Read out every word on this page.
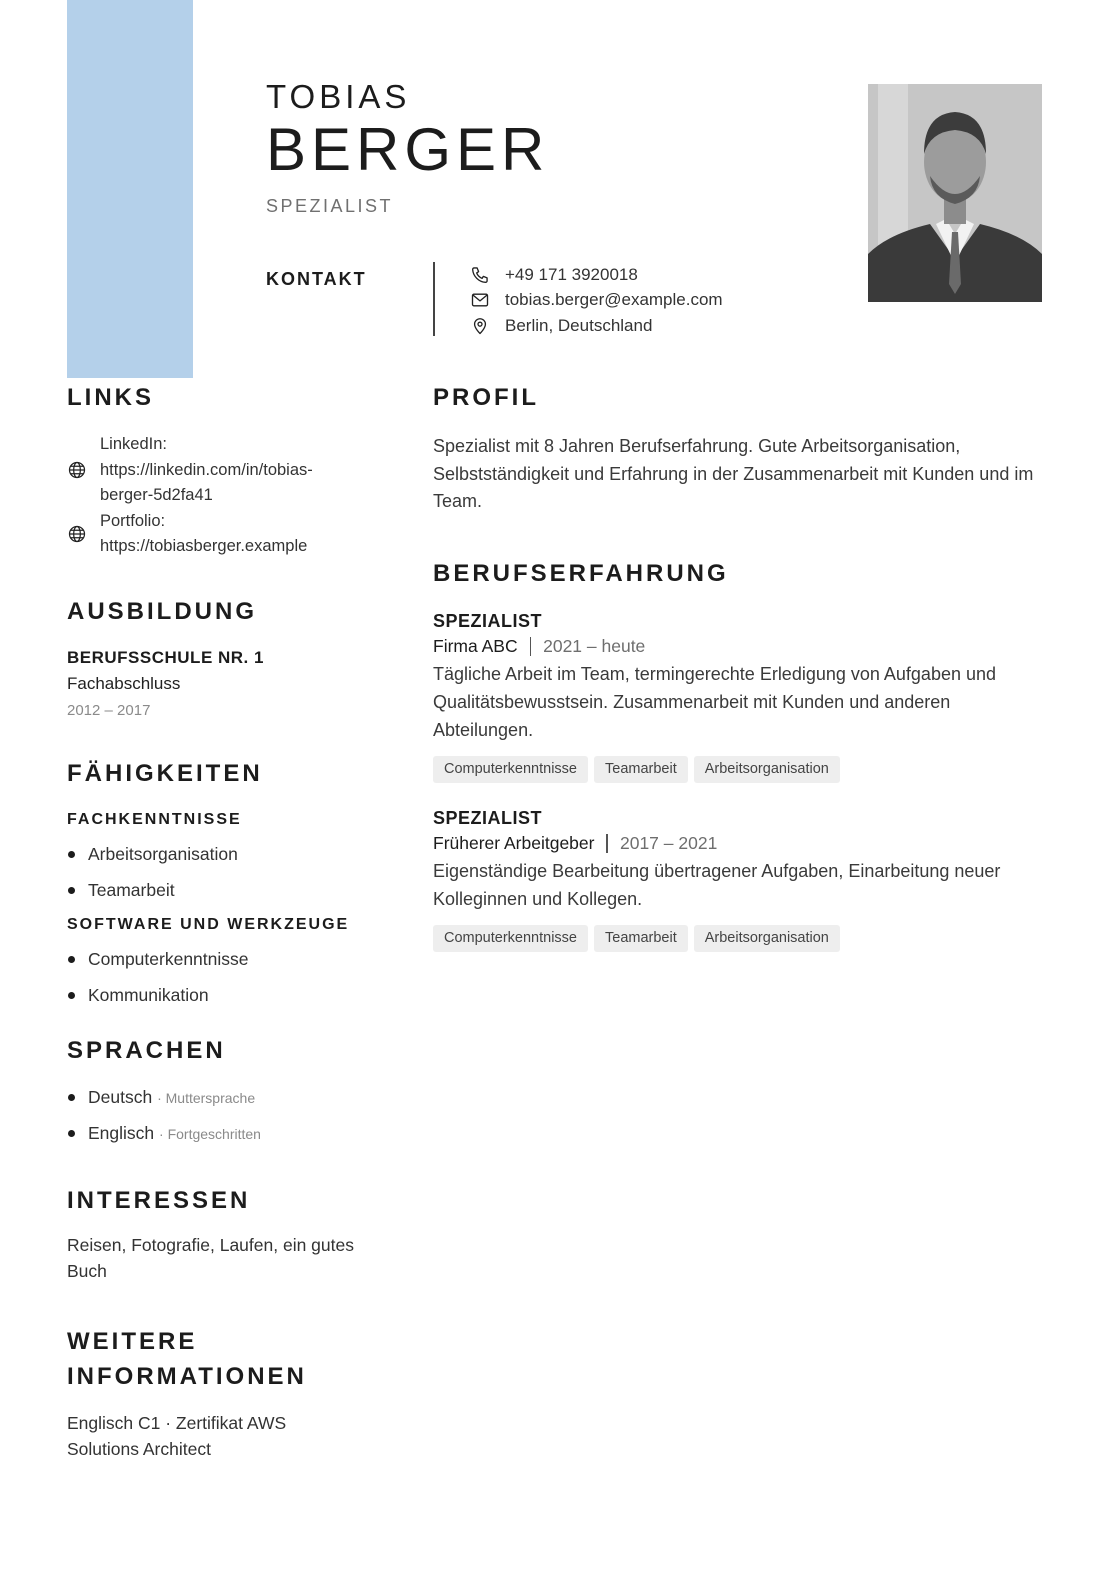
TOBIAS
BERGER
SPEZIALIST
KONTAKT	+49 171 3920018
tobias.berger@example.com
Berlin, Deutschland
LINKS
LinkedIn:
https://linkedin.com/in/tobias-
berger-5d2fa41
Portfolio:
https://tobiasberger.example
AUSBILDUNG
BERUFSSCHULE NR. 1
Fachabschluss
2012 – 2017
FÄHIGKEITEN
FACHKENNTNISSE
Arbeitsorganisation
Teamarbeit
SOFTWARE UND WERKZEUGE
Computerkenntnisse
Kommunikation
SPRACHEN
Deutsch · Muttersprache
Englisch · Fortgeschritten
INTERESSEN

Reisen, Fotografie, Laufen, ein gutes Buch

WEITERE
INFORMATIONEN

Englisch C1 · Zertifikat AWS Solutions Architect

PROFIL

Spezialist mit 8 Jahren Berufserfahrung. Gute Arbeitsorganisation, Selbstständigkeit und Erfahrung in der Zusammenarbeit mit Kunden und im Team.

BERUFSERFAHRUNG
SPEZIALIST
Firma ABC 2021 – heute

Tägliche Arbeit im Team, termingerechte Erledigung von Aufgaben und Qualitätsbewusstsein. Zusammenarbeit mit Kunden und anderen Abteilungen.

Computerkenntnisse	Teamarbeit	Arbeitsorganisation
SPEZIALIST
Früherer Arbeitgeber 2017 – 2021

Eigenständige Bearbeitung übertragener Aufgaben, Einarbeitung neuer Kolleginnen und Kollegen.

Computerkenntnisse	Teamarbeit	Arbeitsorganisation
